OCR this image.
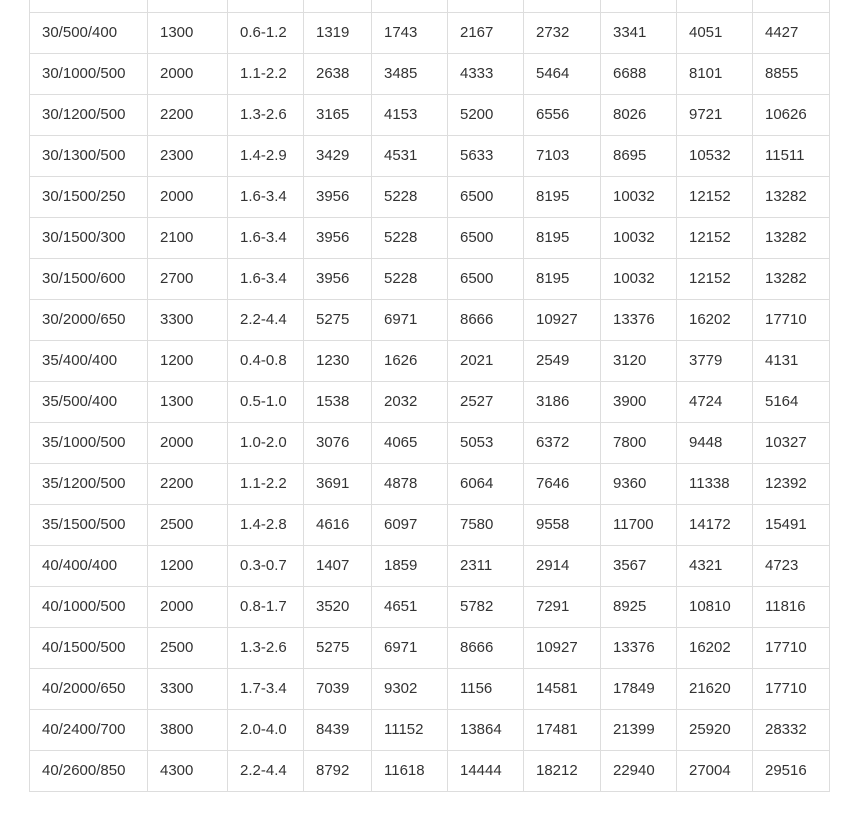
30/500/400	1300	0.6-1.2	1319	1743	2167	2732	3341	4051	4427
30/1000/500	2000	1.1-2.2	2638	3485	4333	5464	6688	8101	8855
30/1200/500	2200	1.3-2.6	3165	4153	5200	6556	8026	9721	10626
30/1300/500	2300	1.4-2.9	3429	4531	5633	7103	8695	10532	11511
30/1500/250	2000	1.6-3.4	3956	5228	6500	8195	10032	12152	13282
30/1500/300	2100	1.6-3.4	3956	5228	6500	8195	10032	12152	13282
30/1500/600	2700	1.6-3.4	3956	5228	6500	8195	10032	12152	13282
30/2000/650	3300	2.2-4.4	5275	6971	8666	10927	13376	16202	17710
35/400/400	1200	0.4-0.8	1230	1626	2021	2549	3120	3779	4131
35/500/400	1300	0.5-1.0	1538	2032	2527	3186	3900	4724	5164
35/1000/500	2000	1.0-2.0	3076	4065	5053	6372	7800	9448	10327
35/1200/500	2200	1.1-2.2	3691	4878	6064	7646	9360	11338	12392
35/1500/500	2500	1.4-2.8	4616	6097	7580	9558	11700	14172	15491
40/400/400	1200	0.3-0.7	1407	1859	2311	2914	3567	4321	4723
40/1000/500	2000	0.8-1.7	3520	4651	5782	7291	8925	10810	11816
40/1500/500	2500	1.3-2.6	5275	6971	8666	10927	13376	16202	17710
40/2000/650	3300	1.7-3.4	7039	9302	1156	14581	17849	21620	17710
40/2400/700	3800	2.0-4.0	8439	11152	13864	17481	21399	25920	28332
40/2600/850	4300	2.2-4.4	8792	11618	14444	18212	22940	27004	29516
